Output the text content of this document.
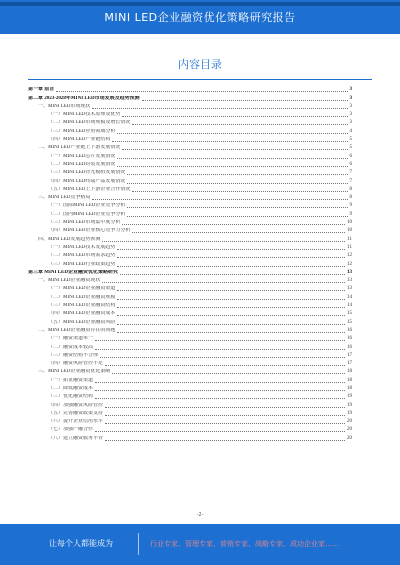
MINI LED企业融资优化策略研究报告
内容目录
第一章 前言	3
第二章 2023-2028年MINI LED市场发展及趋势预测	3
一、MINI LED市场现状	3
（一）MINI LED技术原理及优势	3
（二）MINI LED市场规模及增长情况	3
（三）MINI LED应用领域分析	4
（四）MINI LED产业链结构	5
二、MINI LED产业链上下游发展情况	5
（一）MINI LED芯片发展情况	6
（二）MINI LED封装发展情况	6
（三）MINI LED背光模组发展情况	7
（四）MINI LED终端产品发展情况	7
（五）MINI LED上下游企业合作情况	8
三、MINI LED竞争格局	8
（一）国际MINI LED企业竞争分析	9
（二）国内MINI LED企业竞争分析	9
（三）MINI LED市场集中度分析	10
（四）MINI LED企业核心竞争力分析	10
四、MINI LED发展趋势预测	11
（一）MINI LED技术发展趋势	11
（二）MINI LED市场需求趋势	12
（三）MINI LED行业政策趋势	12
第三章 MINI LED企业融资优化策略研究	13
一、MINI LED企业融资现状	13
（一）MINI LED企业融资渠道	13
（二）MINI LED企业融资规模	14
（三）MINI LED企业融资结构	14
（四）MINI LED企业融资成本	15
（五）MINI LED企业融资风险	15
二、MINI LED企业融资存在的问题	16
（一）融资渠道单一	16
（二）融资成本较高	16
（三）融资结构不合理	17
（四）融资风险管控不足	17
三、MINI LED企业融资优化策略	18
（一）拓宽融资渠道	18
（二）降低融资成本	18
（三）优化融资结构	19
（四）加强融资风险管控	19
（五）完善融资政策支持	19
（六）提升企业信用水平	20
（七）加强产融合作	20
（八）建立融资服务平台	20
-2-
让每个人都能成为	行业专家、管理专家、营销专家、战略专家、成功企业家……
